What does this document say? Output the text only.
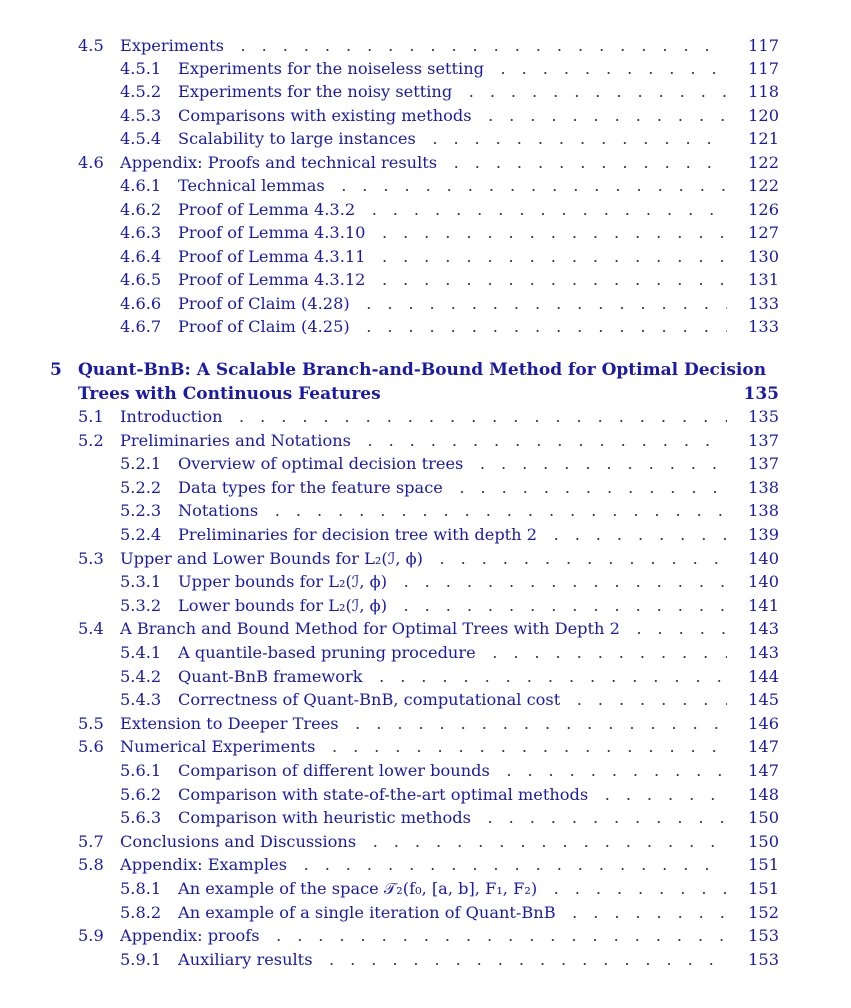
4.5 Experiments . . .	117
4.5.1 Experiments for the noiseless setting . . .	117
4.5.2 Experiments for the noisy setting . . .	118
4.5.3 Comparisons with existing methods . . .	120
4.5.4 Scalability to large instances . . .	121
4.6 Appendix: Proofs and technical results . . .	122
4.6.1 Technical lemmas . . .	122
4.6.2 Proof of Lemma 4.3.2 . . .	126
4.6.3 Proof of Lemma 4.3.10 . . .	127
4.6.4 Proof of Lemma 4.3.11 . . .	130
4.6.5 Proof of Lemma 4.3.12 . . .	131
4.6.6 Proof of Claim (4.28) . . .	133
4.6.7 Proof of Claim (4.25) . . .	133
5 Quant-BnB: A Scalable Branch-and-Bound Method for Optimal Decision
Trees with Continuous Features	135
5.1 Introduction . . .	135
5.2 Preliminaries and Notations . . .	137
5.2.1 Overview of optimal decision trees . . .	137
5.2.2 Data types for the feature space . . .	138
5.2.3 Notations . . .	138
5.2.4 Preliminaries for decision tree with depth 2 . . .	139
5.3 Upper and Lower Bounds for L₂(ℐ, ϕ) . . .	140
5.3.1 Upper bounds for L₂(ℐ, ϕ) . . .	140
5.3.2 Lower bounds for L₂(ℐ, ϕ) . . .	141
5.4 A Branch and Bound Method for Optimal Trees with Depth 2 . . .	143
5.4.1 A quantile-based pruning procedure . . .	143
5.4.2 Quant-BnB framework . . .	144
5.4.3 Correctness of Quant-BnB, computational cost . . .	145
5.5 Extension to Deeper Trees . . .	146
5.6 Numerical Experiments . . .	147
5.6.1 Comparison of different lower bounds . . .	147
5.6.2 Comparison with state-of-the-art optimal methods . . .	148
5.6.3 Comparison with heuristic methods . . .	150
5.7 Conclusions and Discussions . . .	150
5.8 Appendix: Examples . . .	151
5.8.1 An example of the space 𝒯₂(f₀, [a, b], F₁, F₂) . . .	151
5.8.2 An example of a single iteration of Quant-BnB . . .	152
5.9 Appendix: proofs . . .	153
5.9.1 Auxiliary results . . .	153
